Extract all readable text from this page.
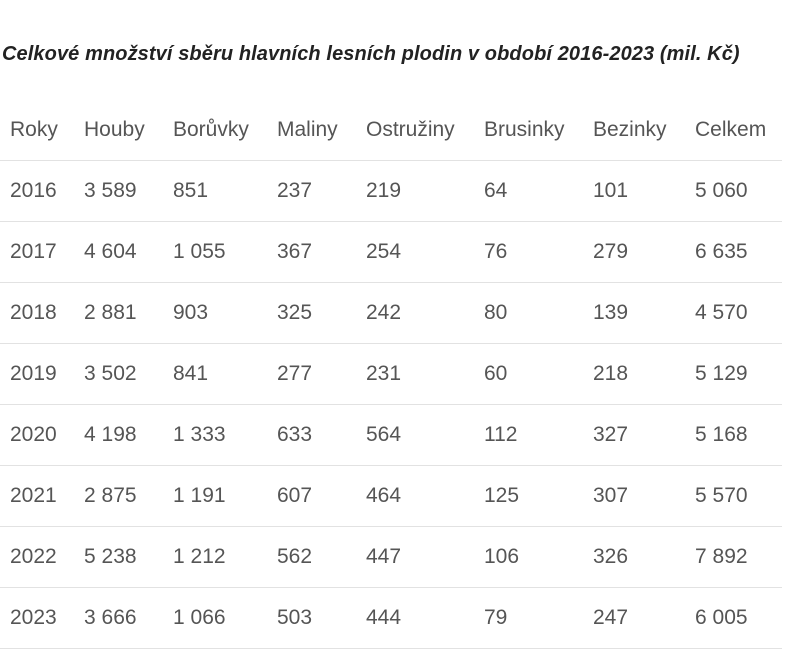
Celkové množství sběru hlavních lesních plodin v období 2016-2023 (mil. Kč)
Roky	Houby	Borůvky	Maliny	Ostružiny	Brusinky	Bezinky	Celkem
2016	3 589	851	237	219	64	101	5 060
2017	4 604	1 055	367	254	76	279	6 635
2018	2 881	903	325	242	80	139	4 570
2019	3 502	841	277	231	60	218	5 129
2020	4 198	1 333	633	564	112	327	5 168
2021	2 875	1 191	607	464	125	307	5 570
2022	5 238	1 212	562	447	106	326	7 892
2023	3 666	1 066	503	444	79	247	6 005
